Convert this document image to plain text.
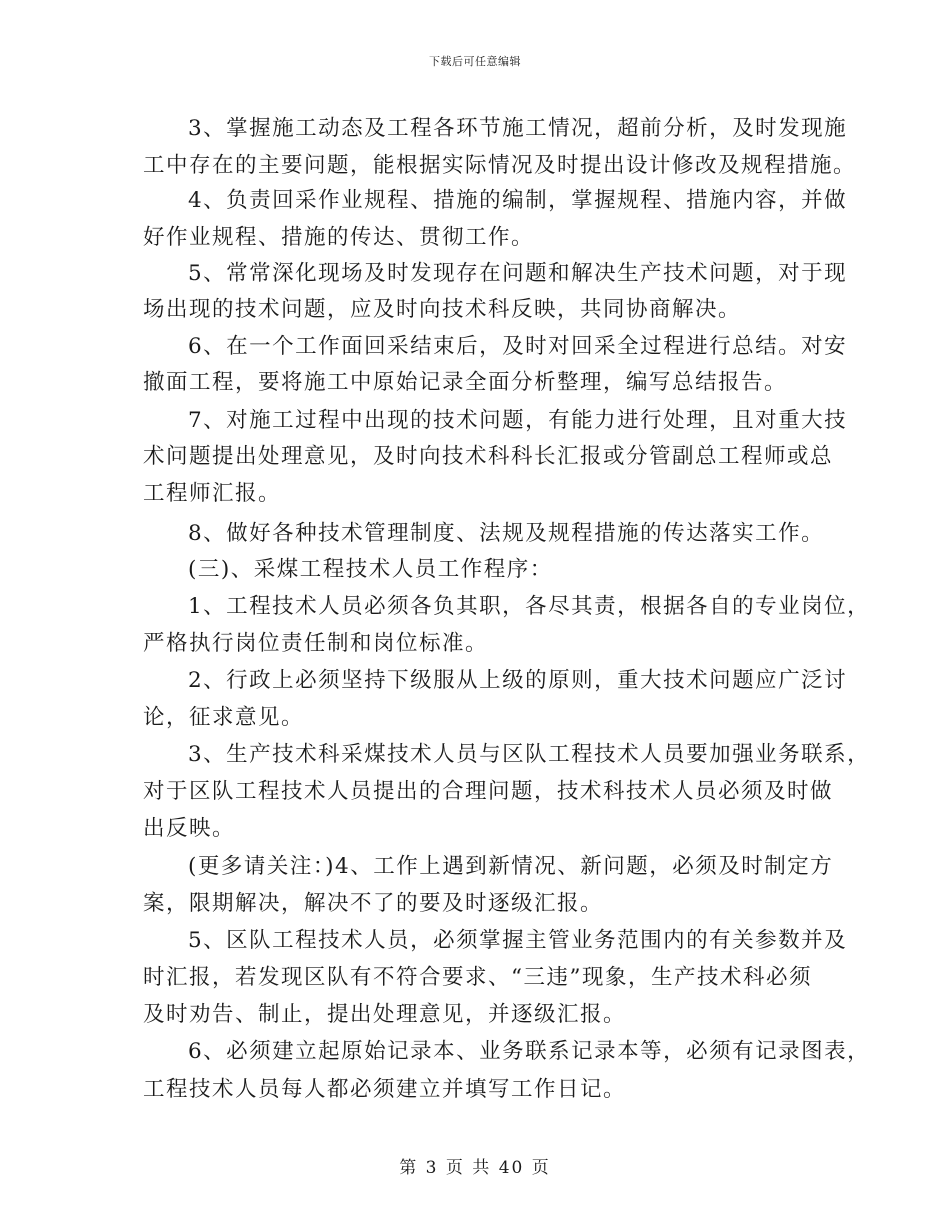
下载后可任意编辑
3、掌握施工动态及工程各环节施工情况，超前分析，及时发现施
工中存在的主要问题，能根据实际情况及时提出设计修改及规程措施。
4、负责回采作业规程、措施的编制，掌握规程、措施内容，并做
好作业规程、措施的传达、贯彻工作。
5、常常深化现场及时发现存在问题和解决生产技术问题，对于现
场出现的技术问题，应及时向技术科反映，共同协商解决。
6、在一个工作面回采结束后，及时对回采全过程进行总结。对安
撤面工程，要将施工中原始记录全面分析整理，编写总结报告。
7、对施工过程中出现的技术问题，有能力进行处理，且对重大技
术问题提出处理意见，及时向技术科科长汇报或分管副总工程师或总
工程师汇报。
8、做好各种技术管理制度、法规及规程措施的传达落实工作。
(三)、采煤工程技术人员工作程序：
1、工程技术人员必须各负其职，各尽其责，根据各自的专业岗位，
严格执行岗位责任制和岗位标准。
2、行政上必须坚持下级服从上级的原则，重大技术问题应广泛讨
论，征求意见。
3、生产技术科采煤技术人员与区队工程技术人员要加强业务联系，
对于区队工程技术人员提出的合理问题，技术科技术人员必须及时做
出反映。
(更多请关注：)4、工作上遇到新情况、新问题，必须及时制定方
案，限期解决，解决不了的要及时逐级汇报。
5、区队工程技术人员，必须掌握主管业务范围内的有关参数并及
时汇报，若发现区队有不符合要求、“三违”现象，生产技术科必须
及时劝告、制止，提出处理意见，并逐级汇报。
6、必须建立起原始记录本、业务联系记录本等，必须有记录图表，
工程技术人员每人都必须建立并填写工作日记。
第 3 页 共 40 页
